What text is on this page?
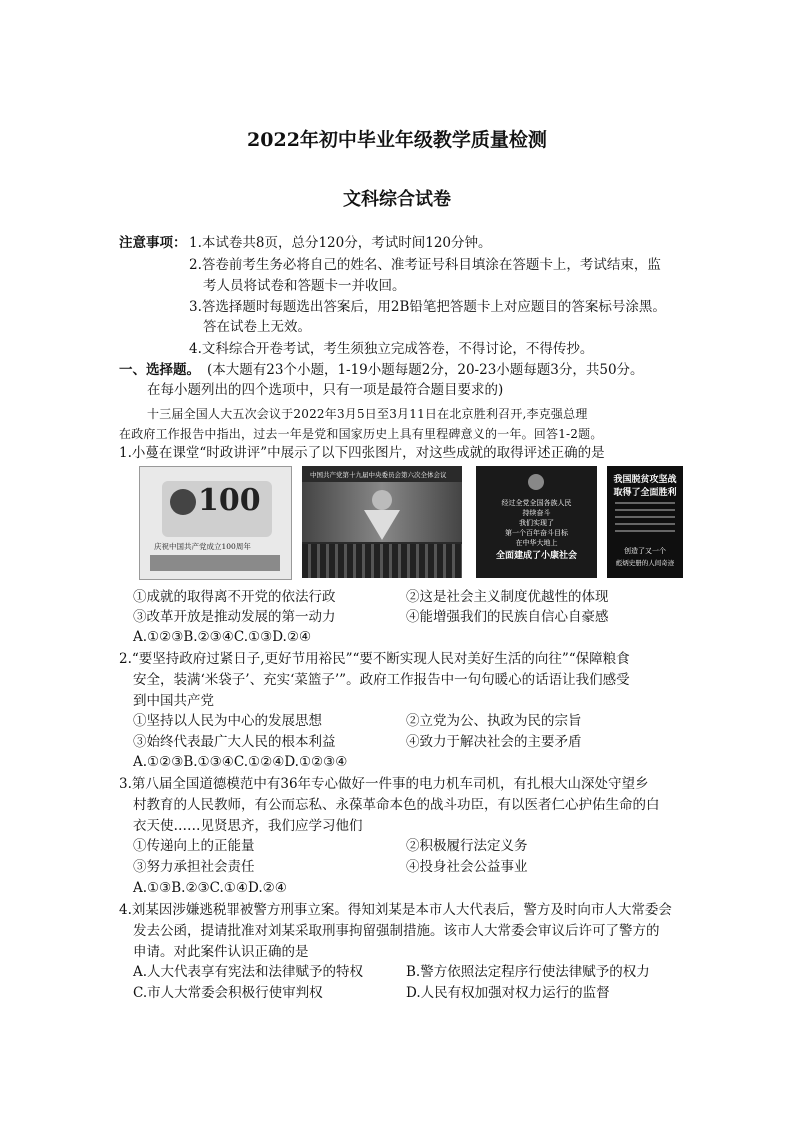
2022年初中毕业年级教学质量检测
文科综合试卷
注意事项： 1.本试卷共8页，总分120分，考试时间120分钟。
2.答卷前考生务必将自己的姓名、准考证号科目填涂在答题卡上，考试结束，监
考人员将试卷和答题卡一并收回。
3.答选择题时每题选出答案后，用2B铅笔把答题卡上对应题目的答案标号涂黑。
答在试卷上无效。
4.文科综合开卷考试，考生须独立完成答卷，不得讨论，不得传抄。
一、选择题。 (本大题有23个小题，1-19小题每题2分，20-23小题每题3分，共50分。
在每小题列出的四个选项中，只有一项是最符合题目要求的)
十三届全国人大五次会议于2022年3月5日至3月11日在北京胜利召开,李克强总理
在政府工作报告中指出，过去一年是党和国家历史上具有里程碑意义的一年。回答1-2题。
1.小蔓在课堂“时政讲评”中展示了以下四张图片，对这些成就的取得评述正确的是
100
庆祝中国共产党成立100周年
中国共产党第十九届中央委员会第六次全体会议
经过全党全国各族人民
持续奋斗
我们实现了
第一个百年奋斗目标
在中华大地上
全面建成了小康社会
我国脱贫攻坚战
取得了全面胜利
创造了又一个
彪炳史册的人间奇迹
①成就的取得离不开党的依法行政	②这是社会主义制度优越性的体现
③改革开放是推动发展的第一动力	④能增强我们的民族自信心自豪感
A.①②③B.②③④C.①③D.②④
2.“要坚持政府过紧日子,更好节用裕民”“要不断实现人民对美好生活的向往”“保障粮食
安全，装满‘米袋子’、充实‘菜篮子’”。政府工作报告中一句句暖心的话语让我们感受
到中国共产党
①坚持以人民为中心的发展思想	②立党为公、执政为民的宗旨
③始终代表最广大人民的根本利益	④致力于解决社会的主要矛盾
A.①②③B.①③④C.①②④D.①②③④
3.第八届全国道德模范中有36年专心做好一件事的电力机车司机，有扎根大山深处守望乡
村教育的人民教师，有公而忘私、永葆革命本色的战斗功臣，有以医者仁心护佑生命的白
衣天使……见贤思齐，我们应学习他们
①传递向上的正能量	②积极履行法定义务
③努力承担社会责任	④投身社会公益事业
A.①③B.②③C.①④D.②④
4.刘某因涉嫌逃税罪被警方刑事立案。得知刘某是本市人大代表后，警方及时向市人大常委会
发去公函，提请批准对刘某采取刑事拘留强制措施。该市人大常委会审议后许可了警方的
申请。对此案件认识正确的是
A.人大代表享有宪法和法律赋予的特权	B.警方依照法定程序行使法律赋予的权力
C.市人大常委会积极行使审判权	D.人民有权加强对权力运行的监督
